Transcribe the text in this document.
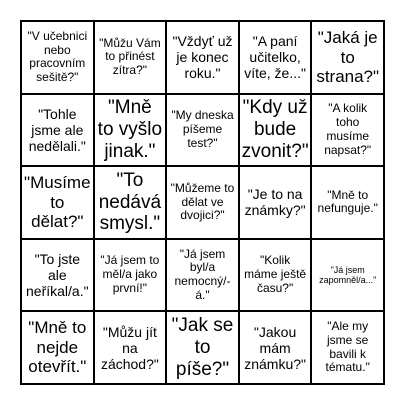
"V učebnici nebo pracovním sešitě?"
"Můžu Vám to přinést zítra?"
"Vždyť už je konec roku."
"A paní učitelko, víte, že..."
"Jaká je to strana?"
"Tohle jsme ale nedělali."
"Mně to vyšlo jinak."
"My dneska píšeme test?"
"Kdy už bude zvonit?"
"A kolik toho musíme napsat?"
"Musíme to dělat?"
"To nedává smysl."
"Můžeme to dělat ve dvojici?"
"Je to na známky?"
"Mně to nefunguje."
"To jste ale neříkal/a."
"Já jsem to měl/a jako první!"
"Já jsem byl/a nemocný/-á."
"Kolik máme ještě času?"
"Já jsem zapomněl/a..."
"Mně to nejde otevřít."
"Můžu jít na záchod?"
"Jak se to píše?"
"Jakou mám známku?"
"Ale my jsme se bavili k tématu."
